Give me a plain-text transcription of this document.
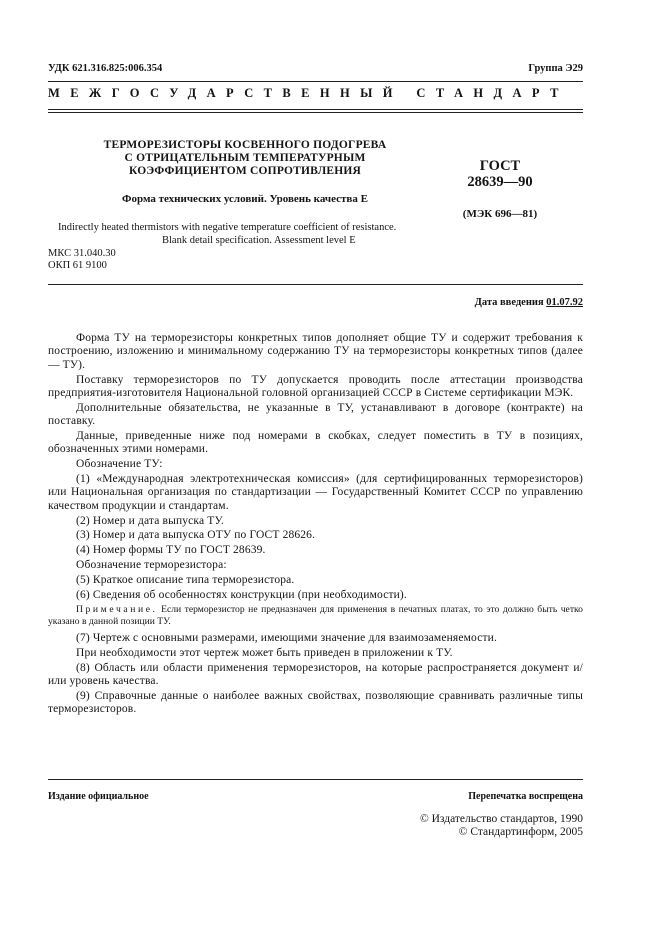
УДК 621.316.825:006.354	Группа Э29
МЕЖГОСУДАРСТВЕННЫЙ СТАНДАРТ
ТЕРМОРЕЗИСТОРЫ КОСВЕННОГО ПОДОГРЕВА
С ОТРИЦАТЕЛЬНЫМ ТЕМПЕРАТУРНЫМ
КОЭФФИЦИЕНТОМ СОПРОТИВЛЕНИЯ
Форма технических условий. Уровень качества E
ГОСТ
28639—90
(МЭК 696—81)
Indirectly heated thermistors with negative temperature coefficient of resistance.
Blank detail specification. Assessment level E
МКС 31.040.30
ОКП 61 9100
Дата введения 01.07.92

Форма ТУ на терморезисторы конкретных типов дополняет общие ТУ и содержит требования к построению, изложению и минимальному содержанию ТУ на терморезисторы конкретных типов (далее — ТУ).

Поставку терморезисторов по ТУ допускается проводить после аттестации производства предприятия-изготовителя Национальной головной организацией СССР в Системе сертификации МЭК.

Дополнительные обязательства, не указанные в ТУ, устанавливают в договоре (контракте) на поставку.

Данные, приведенные ниже под номерами в скобках, следует поместить в ТУ в позициях, обозначенных этими номерами.

Обозначение ТУ:

(1) «Международная электротехническая комиссия» (для сертифицированных терморезисторов) или Национальная организация по стандартизации — Государственный Комитет СССР по управлению качеством продукции и стандартам.

(2) Номер и дата выпуска ТУ.

(3) Номер и дата выпуска ОТУ по ГОСТ 28626.

(4) Номер формы ТУ по ГОСТ 28639.

Обозначение терморезистора:

(5) Краткое описание типа терморезистора.

(6) Сведения об особенностях конструкции (при необходимости).

Примечание. Если терморезистор не предназначен для применения в печатных платах, то это должно быть четко указано в данной позиции ТУ.

(7) Чертеж с основными размерами, имеющими значение для взаимозаменяемости.

При необходимости этот чертеж может быть приведен в приложении к ТУ.

(8) Область или области применения терморезисторов, на которые распространяется документ и/или уровень качества.

(9) Справочные данные о наиболее важных свойствах, позволяющие сравнивать различные типы терморезисторов.

Издание официальное	Перепечатка воспрещена
© Издательство стандартов, 1990
© Стандартинформ, 2005
